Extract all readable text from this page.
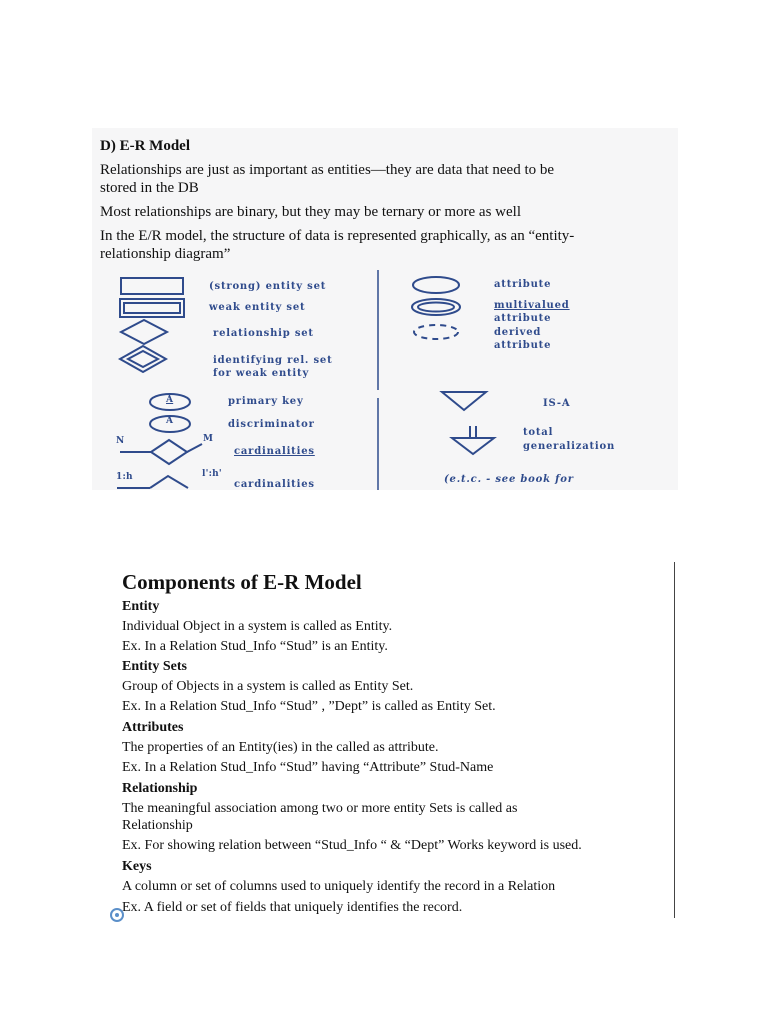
D) E-R Model
Relationships are just as important as entities—they are data that need to be
stored in the DB
Most relationships are binary, but they may be ternary or more as well
In the E/R model, the structure of data is represented graphically, as an “entity-
relationship diagram”
(strong) entity set
weak entity set
relationship set
identifying rel. set
for weak entity
A
A
primary key
discriminator
N	M
cardinalities
1:h	l':h'
cardinalities
attribute
multivalued
attribute
derived
attribute
IS-A
total
generalization
(e.t.c. - see book for
Components of E-R Model
Entity
Individual Object in a system is called as Entity.
Ex. In a Relation Stud_Info “Stud” is an Entity.
Entity Sets
Group of Objects in a system is called as Entity Set.
Ex. In a Relation Stud_Info “Stud” , ”Dept” is called as Entity Set.
Attributes
The properties of an Entity(ies) in the called as attribute.
Ex. In a Relation Stud_Info “Stud” having “Attribute” Stud-Name
Relationship
The meaningful association among two or more entity Sets is called as
Relationship
Ex. For showing relation between “Stud_Info “ & “Dept” Works keyword is used.
Keys
A column or set of columns used to uniquely identify the record in a Relation
Ex. A field or set of fields that uniquely identifies the record.
